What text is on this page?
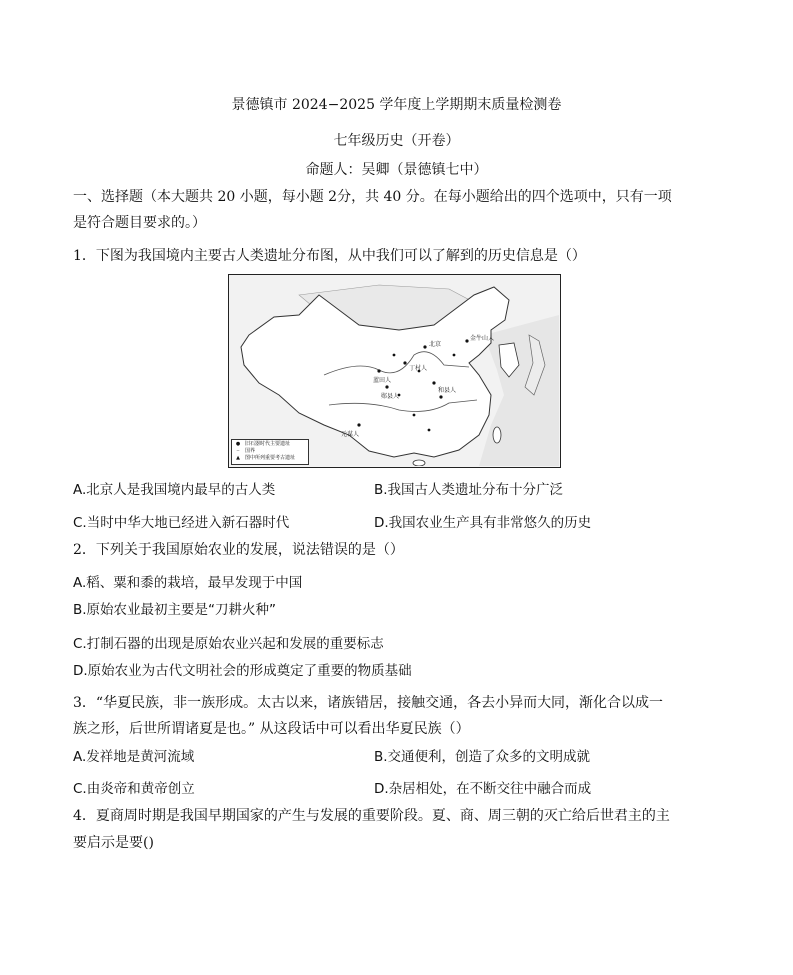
景德镇市 2024−2025 学年度上学期期末质量检测卷
七年级历史（开卷）
命题人：吴卿（景德镇七中）
一、选择题（本大题共 20 小题，每小题 2分，共 40 分。在每小题给出的四个选项中，只有一项
是符合题目要求的。）
1．下图为我国境内主要古人类遗址分布图，从中我们可以了解到的历史信息是（）
北京
金牛山人
丁村人
蓝田人
郧县人
和县人
元谋人
● 旧石器时代主要遗址
┄	国界
▲	图中所列重要考古遗址
A.北京人是我国境内最早的古人类	B.我国古人类遗址分布十分广泛
C.当时中华大地已经进入新石器时代	D.我国农业生产具有非常悠久的历史
2．下列关于我国原始农业的发展，说法错误的是（）
A.稻、粟和黍的栽培，最早发现于中国
B.原始农业最初主要是“刀耕火种”
C.打制石器的出现是原始农业兴起和发展的重要标志
D.原始农业为古代文明社会的形成奠定了重要的物质基础
3．“华夏民族，非一族形成。太古以来，诸族错居，接触交通，各去小异而大同，渐化合以成一
族之形，后世所谓诸夏是也。” 从这段话中可以看出华夏民族（）
A.发祥地是黄河流域	B.交通便利，创造了众多的文明成就
C.由炎帝和黄帝创立	D.杂居相处，在不断交往中融合而成
4．夏商周时期是我国早期国家的产生与发展的重要阶段。夏、商、周三朝的灭亡给后世君主的主
要启示是要()
